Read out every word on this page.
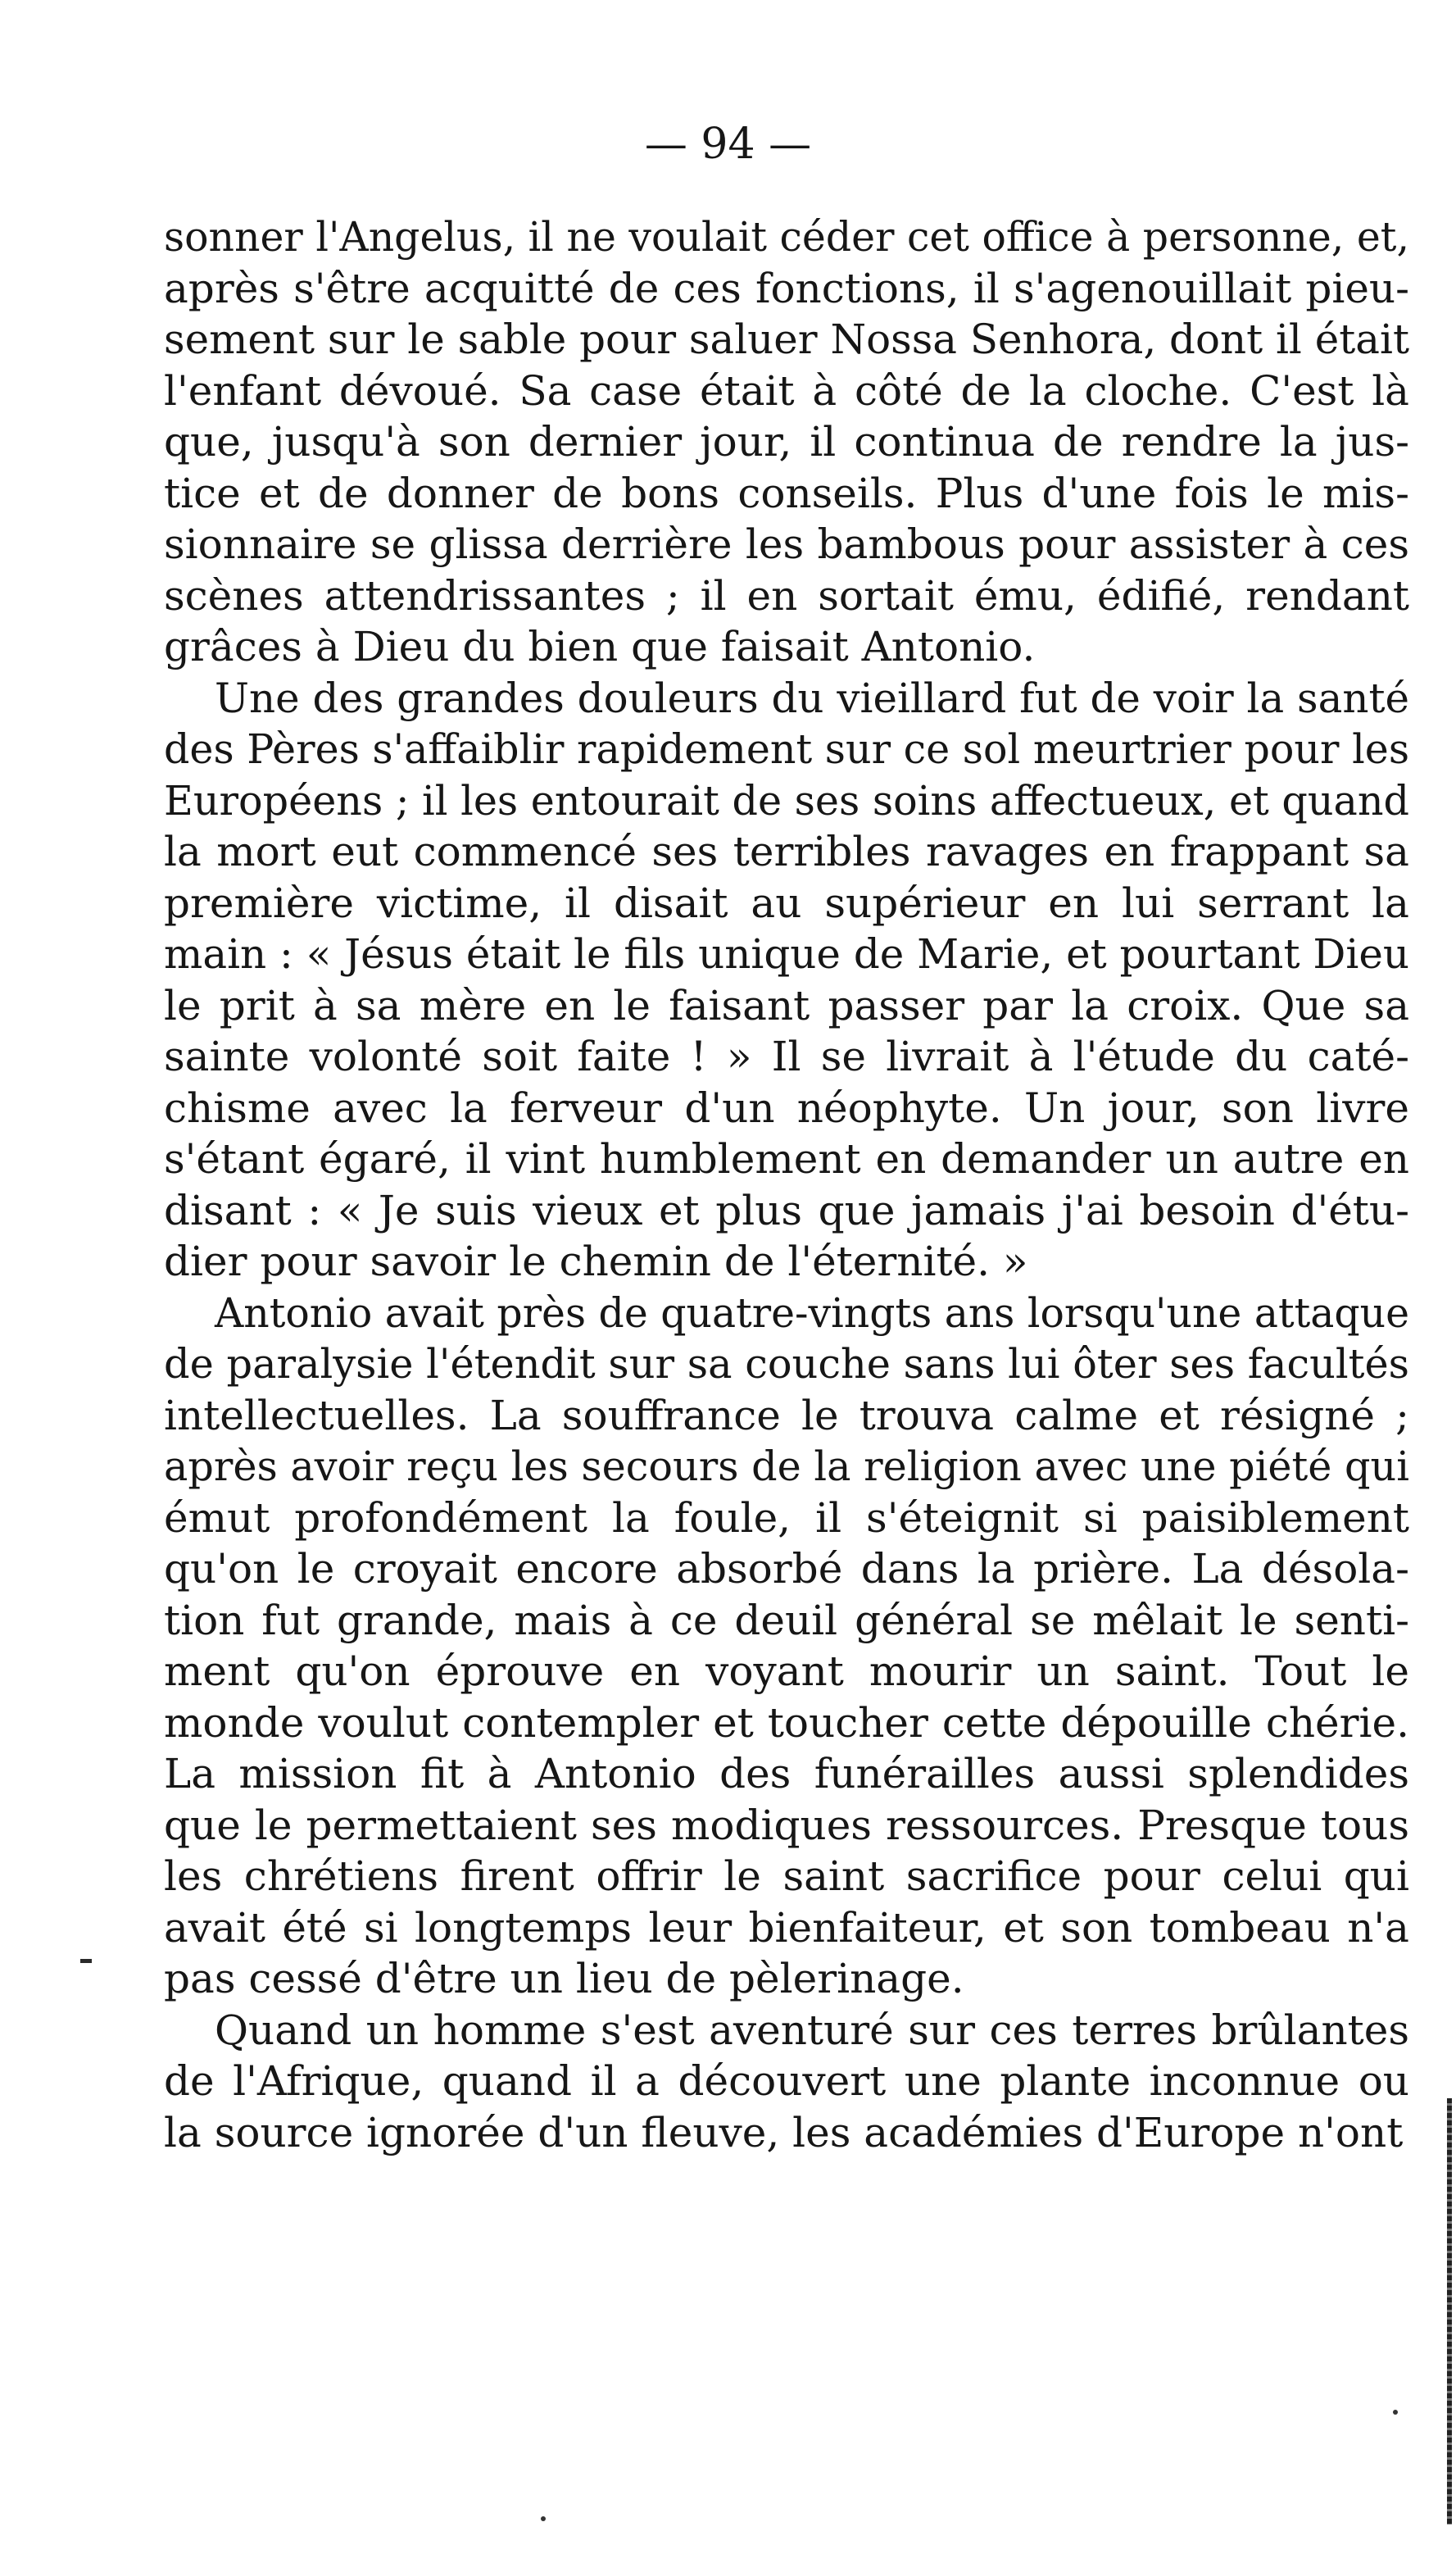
— 94 —
sonner l'Angelus, il ne voulait céder cet office à personne, et,
après s'être acquitté de ces fonctions, il s'agenouillait pieu-
sement sur le sable pour saluer Nossa Senhora, dont il était
l'enfant dévoué. Sa case était à côté de la cloche. C'est là
que, jusqu'à son dernier jour, il continua de rendre la jus-
tice et de donner de bons conseils. Plus d'une fois le mis-
sionnaire se glissa derrière les bambous pour assister à ces
scènes attendrissantes ; il en sortait ému, édifié, rendant
grâces à Dieu du bien que faisait Antonio.
Une des grandes douleurs du vieillard fut de voir la santé
des Pères s'affaiblir rapidement sur ce sol meurtrier pour les
Européens ; il les entourait de ses soins affectueux, et quand
la mort eut commencé ses terribles ravages en frappant sa
première victime, il disait au supérieur en lui serrant la
main : « Jésus était le fils unique de Marie, et pourtant Dieu
le prit à sa mère en le faisant passer par la croix. Que sa
sainte volonté soit faite ! » Il se livrait à l'étude du caté-
chisme avec la ferveur d'un néophyte. Un jour, son livre
s'étant égaré, il vint humblement en demander un autre en
disant : « Je suis vieux et plus que jamais j'ai besoin d'étu-
dier pour savoir le chemin de l'éternité. »
Antonio avait près de quatre-vingts ans lorsqu'une attaque
de paralysie l'étendit sur sa couche sans lui ôter ses facultés
intellectuelles. La souffrance le trouva calme et résigné ;
après avoir reçu les secours de la religion avec une piété qui
émut profondément la foule, il s'éteignit si paisiblement
qu'on le croyait encore absorbé dans la prière. La désola-
tion fut grande, mais à ce deuil général se mêlait le senti-
ment qu'on éprouve en voyant mourir un saint. Tout le
monde voulut contempler et toucher cette dépouille chérie.
La mission fit à Antonio des funérailles aussi splendides
que le permettaient ses modiques ressources. Presque tous
les chrétiens firent offrir le saint sacrifice pour celui qui
avait été si longtemps leur bienfaiteur, et son tombeau n'a
pas cessé d'être un lieu de pèlerinage.
Quand un homme s'est aventuré sur ces terres brûlantes
de l'Afrique, quand il a découvert une plante inconnue ou
la source ignorée d'un fleuve, les académies d'Europe n'ont
